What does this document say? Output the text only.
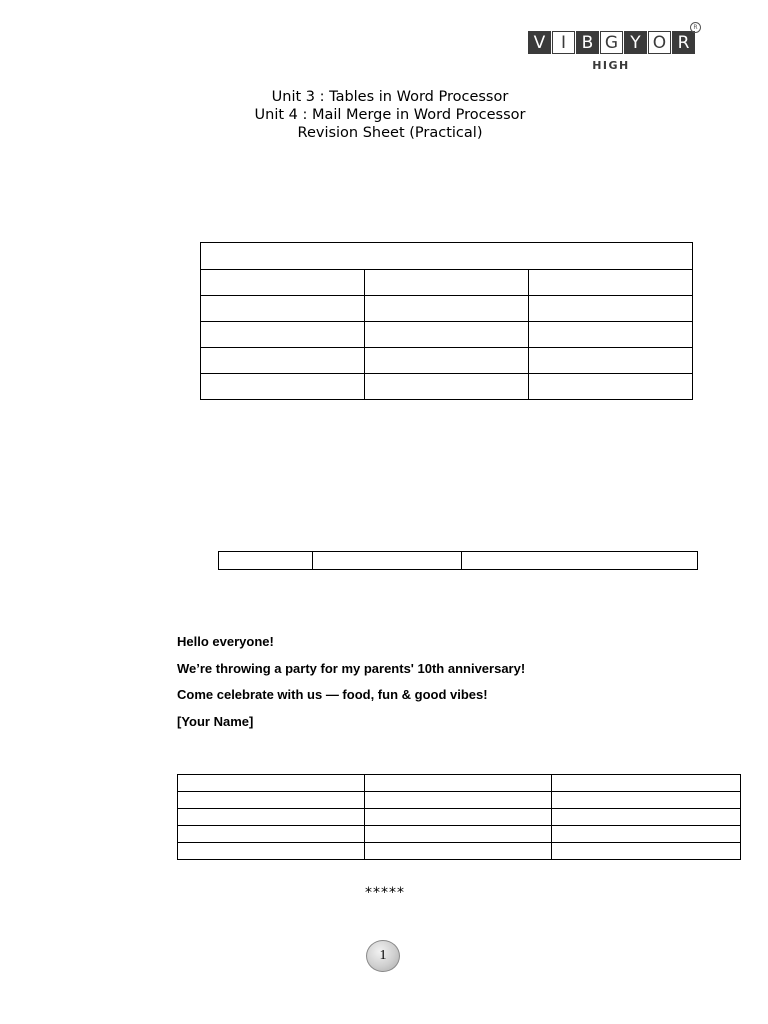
V I B G Y O R
HIGH
R
Unit 3 : Tables in Word Processor
Unit 4 : Mail Merge in Word Processor
Revision Sheet (Practical)

Hello everyone!

We’re throwing a party for my parents' 10th anniversary!

Come celebrate with us — food, fun & good vibes!

[Your Name]

*****
1
